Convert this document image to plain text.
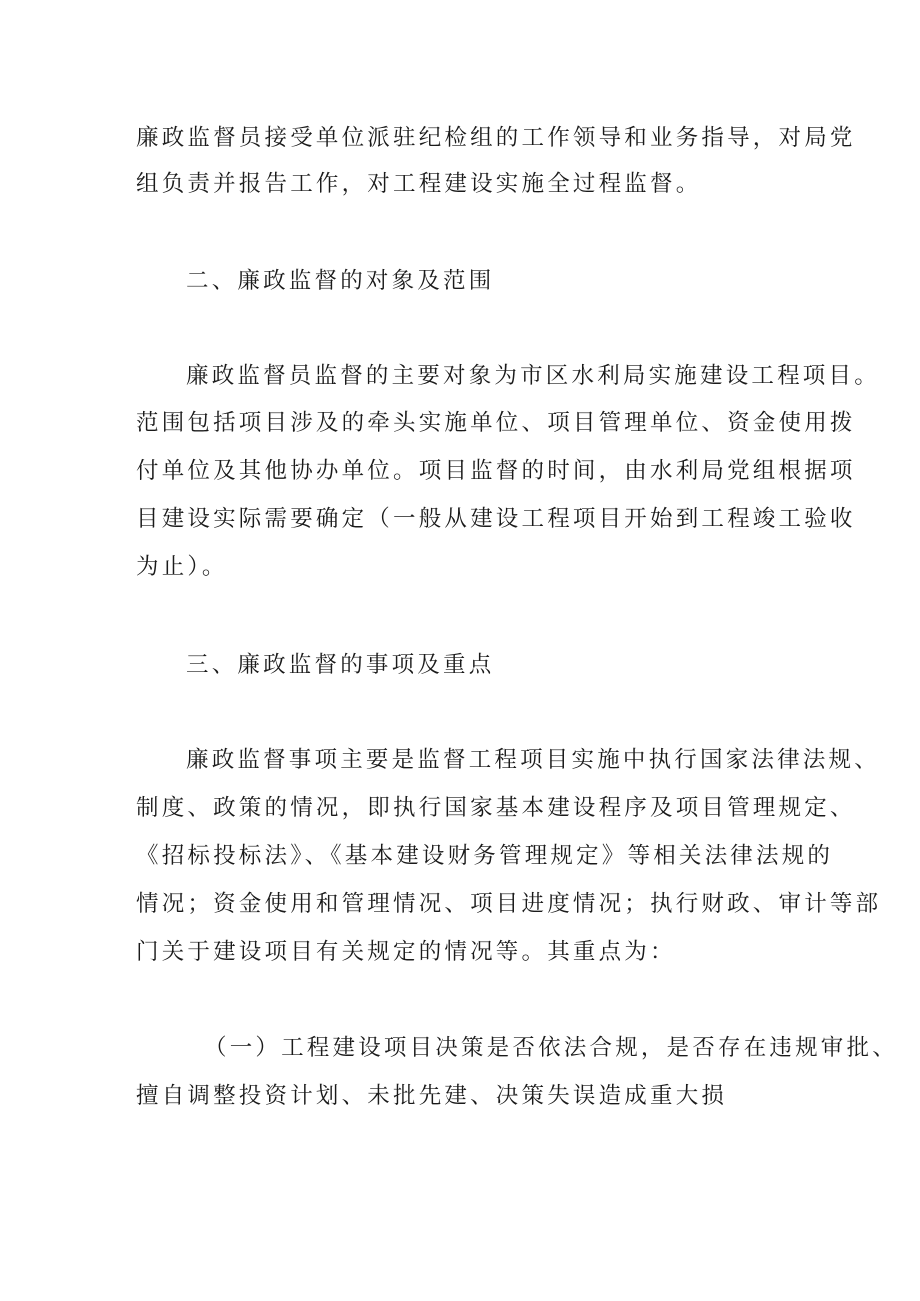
廉政监督员接受单位派驻纪检组的工作领导和业务指导，对局党
组负责并报告工作，对工程建设实施全过程监督。
二、廉政监督的对象及范围
廉政监督员监督的主要对象为市区水利局实施建设工程项目。
范围包括项目涉及的牵头实施单位、项目管理单位、资金使用拨
付单位及其他协办单位。项目监督的时间，由水利局党组根据项
目建设实际需要确定（一般从建设工程项目开始到工程竣工验收
为止）。
三、廉政监督的事项及重点
廉政监督事项主要是监督工程项目实施中执行国家法律法规、
制度、政策的情况，即执行国家基本建设程序及项目管理规定、
《招标投标法》、《基本建设财务管理规定》等相关法律法规的
情况；资金使用和管理情况、项目进度情况；执行财政、审计等部
门关于建设项目有关规定的情况等。其重点为：
（一）工程建设项目决策是否依法合规，是否存在违规审批、
擅自调整投资计划、未批先建、决策失误造成重大损
